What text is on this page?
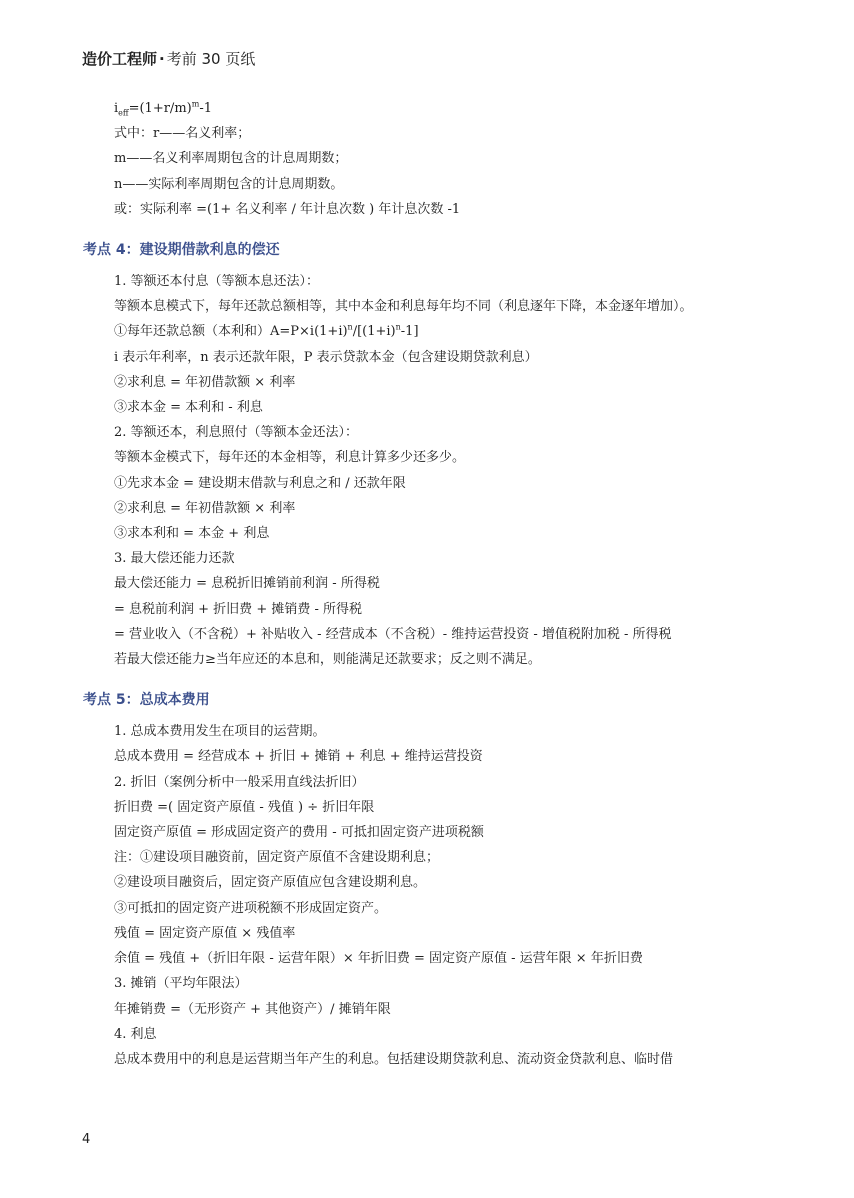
造价工程师 · 考前 30 页纸
$i_{eff}=(1+r/m)^m-1$
式中：r——名义利率；
m——名义利率周期包含的计息周期数；
n——实际利率周期包含的计息周期数。
或：实际利率 =(1+ 名义利率 / 年计息次数 ) 年计息次数 -1
考点 4：建设期借款利息的偿还
1. 等额还本付息（等额本息还法）：
等额本息模式下，每年还款总额相等，其中本金和利息每年均不同（利息逐年下降，本金逐年增加）。
①每年还款总额（本利和）$A=P\times i(1+i)^n/[(1+i)^n-1]$
i 表示年利率，n 表示还款年限，P 表示贷款本金（包含建设期贷款利息）
②求利息 = 年初借款额 × 利率
③求本金 = 本利和 - 利息
2. 等额还本，利息照付（等额本金还法）：
等额本金模式下，每年还的本金相等，利息计算多少还多少。
①先求本金 = 建设期末借款与利息之和 / 还款年限
②求利息 = 年初借款额 × 利率
③求本利和 = 本金 + 利息
3. 最大偿还能力还款
最大偿还能力 = 息税折旧摊销前利润 - 所得税
= 息税前利润 + 折旧费 + 摊销费 - 所得税
= 营业收入（不含税）+ 补贴收入 - 经营成本（不含税）- 维持运营投资 - 增值税附加税 - 所得税
若最大偿还能力≥当年应还的本息和，则能满足还款要求；反之则不满足。
考点 5：总成本费用
1. 总成本费用发生在项目的运营期。
总成本费用 = 经营成本 + 折旧 + 摊销 + 利息 + 维持运营投资
2. 折旧（案例分析中一般采用直线法折旧）
折旧费 =( 固定资产原值 - 残值 ) ÷ 折旧年限
固定资产原值 = 形成固定资产的费用 - 可抵扣固定资产进项税额
注：①建设项目融资前，固定资产原值不含建设期利息；
②建设项目融资后，固定资产原值应包含建设期利息。
③可抵扣的固定资产进项税额不形成固定资产。
残值 = 固定资产原值 × 残值率
余值 = 残值 +（折旧年限 - 运营年限）× 年折旧费 = 固定资产原值 - 运营年限 × 年折旧费
3. 摊销（平均年限法）
年摊销费 =（无形资产 + 其他资产）/ 摊销年限
4. 利息
总成本费用中的利息是运营期当年产生的利息。包括建设期贷款利息、流动资金贷款利息、临时借
4
